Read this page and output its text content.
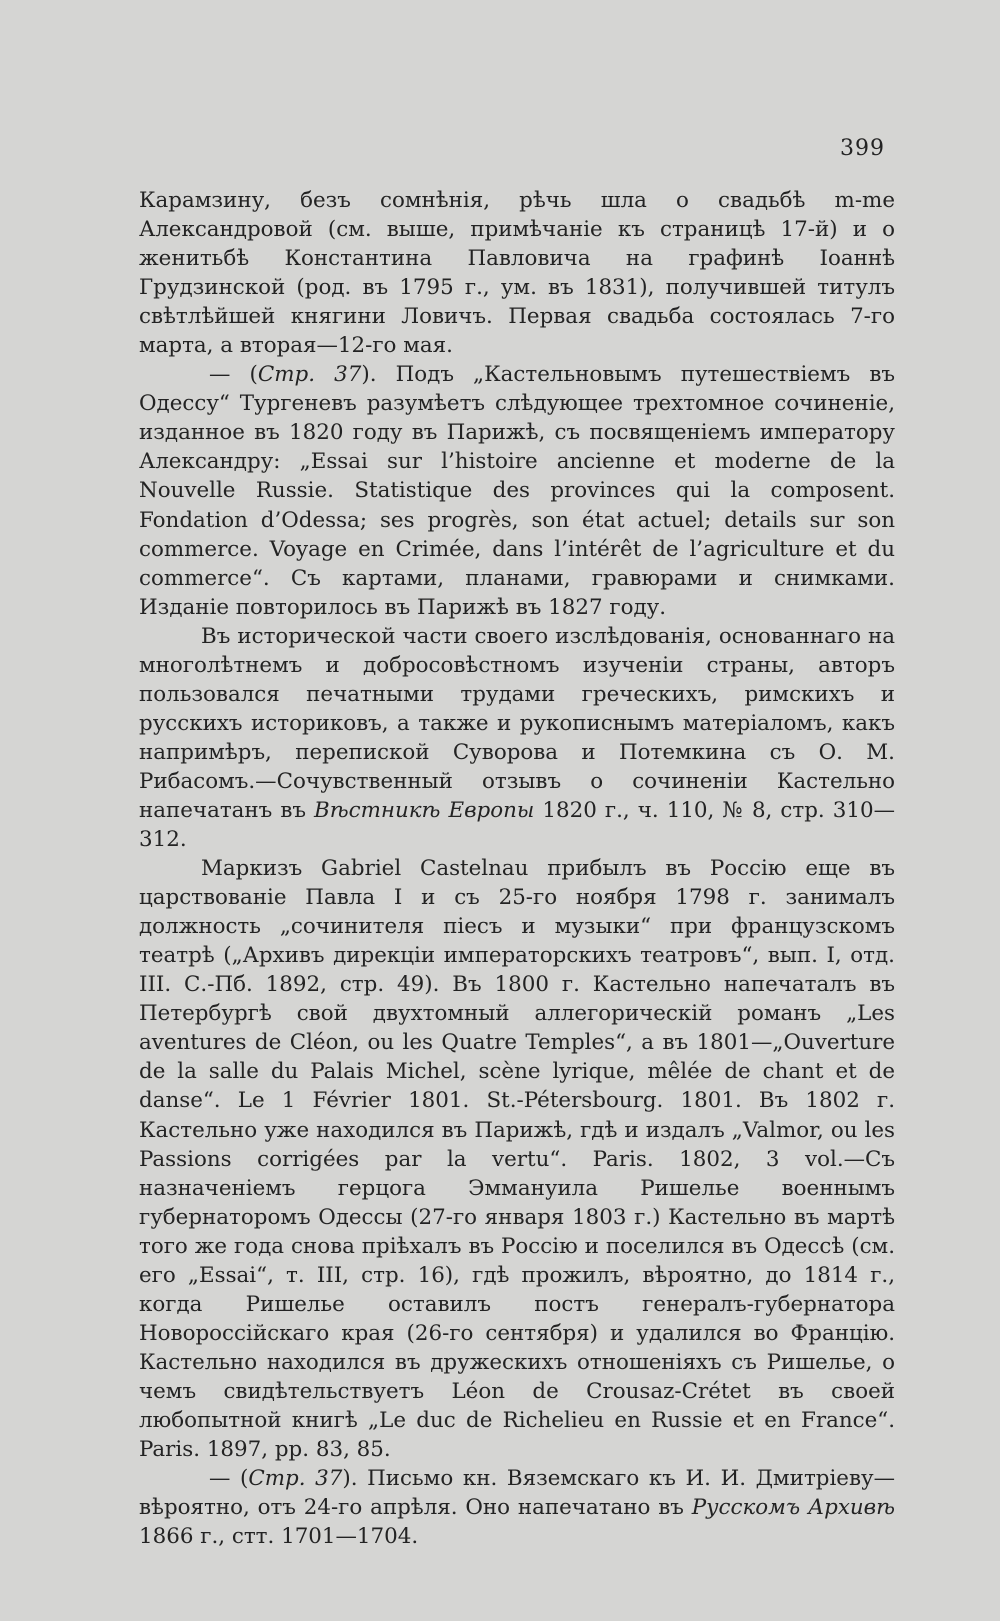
399

Карамзину, безъ сомнѣнія, рѣчь шла о свадьбѣ m-me Александровой (см. выше, примѣчаніе къ страницѣ 17-й) и о женитьбѣ Константина Павловича на графинѣ Іоаннѣ Грудзинской (род. въ 1795 г., ум. въ 1831), получившей титулъ свѣтлѣйшей княгини Ловичъ. Первая свадьба состоялась 7-го марта, а вторая—12-го мая.

— (Стр. 37). Подъ „Кастельновымъ путешествіемъ въ Одессу“ Тургеневъ разумѣетъ слѣдующее трехтомное сочиненіе, изданное въ 1820 году въ Парижѣ, съ посвященіемъ императору Александру: „Essai sur l’histoire ancienne et moderne de la Nouvelle Russie. Statistique des provinces qui la composent. Fondation d’Odessa; ses progrès, son état actuel; details sur son commerce. Voyage en Crimée, dans l’intérêt de l’agriculture et du commerce“. Съ картами, планами, гравюрами и снимками. Изданіе повторилось въ Парижѣ въ 1827 году.

Въ исторической части своего изслѣдованія, основаннаго на многолѣтнемъ и добросовѣстномъ изученіи страны, авторъ пользовался печатными трудами греческихъ, римскихъ и русскихъ историковъ, а также и рукописнымъ матеріаломъ, какъ напримѣръ, перепиской Суворова и Потемкина съ О. М. Рибасомъ.—Сочувственный отзывъ о сочиненіи Кастельно напечатанъ въ Вѣстникѣ Европы 1820 г., ч. 110, № 8, стр. 310—312.

Маркизъ Gabriel Castelnau прибылъ въ Россію еще въ царствованіе Павла I и съ 25-го ноября 1798 г. занималъ должность „сочинителя піесъ и музыки“ при французскомъ театрѣ („Архивъ дирекціи императорскихъ театровъ“, вып. I, отд. III. С.-Пб. 1892, стр. 49). Въ 1800 г. Кастельно напечаталъ въ Петербургѣ свой двухтомный аллегорическій романъ „Les aventures de Cléon, ou les Quatre Temples“, а въ 1801—„Ouverture de la salle du Palais Michel, scène lyrique, mêlée de chant et de danse“. Le 1 Février 1801. St.-Pétersbourg. 1801. Въ 1802 г. Кастельно уже находился въ Парижѣ, гдѣ и издалъ „Valmor, ou les Passions corrigées par la vertu“. Paris. 1802, 3 vol.—Съ назначеніемъ герцога Эммануила Ришелье военнымъ губернаторомъ Одессы (27-го января 1803 г.) Кастельно въ мартѣ того же года снова пріѣхалъ въ Россію и поселился въ Одессѣ (см. его „Essai“, т. III, стр. 16), гдѣ прожилъ, вѣроятно, до 1814 г., когда Ришелье оставилъ постъ генералъ-губернатора Новороссійскаго края (26-го сентября) и удалился во Францію. Кастельно находился въ дружескихъ отношеніяхъ съ Ришелье, о чемъ свидѣтельствуетъ Léon de Crousaz-Crétet въ своей любопытной книгѣ „Le duc de Richelieu en Russie et en France“. Paris. 1897, pp. 83, 85.

— (Стр. 37). Письмо кн. Вяземскаго къ И. И. Дмитріеву—вѣроятно, отъ 24-го апрѣля. Оно напечатано въ Русскомъ Архивѣ 1866 г., стт. 1701—1704.
